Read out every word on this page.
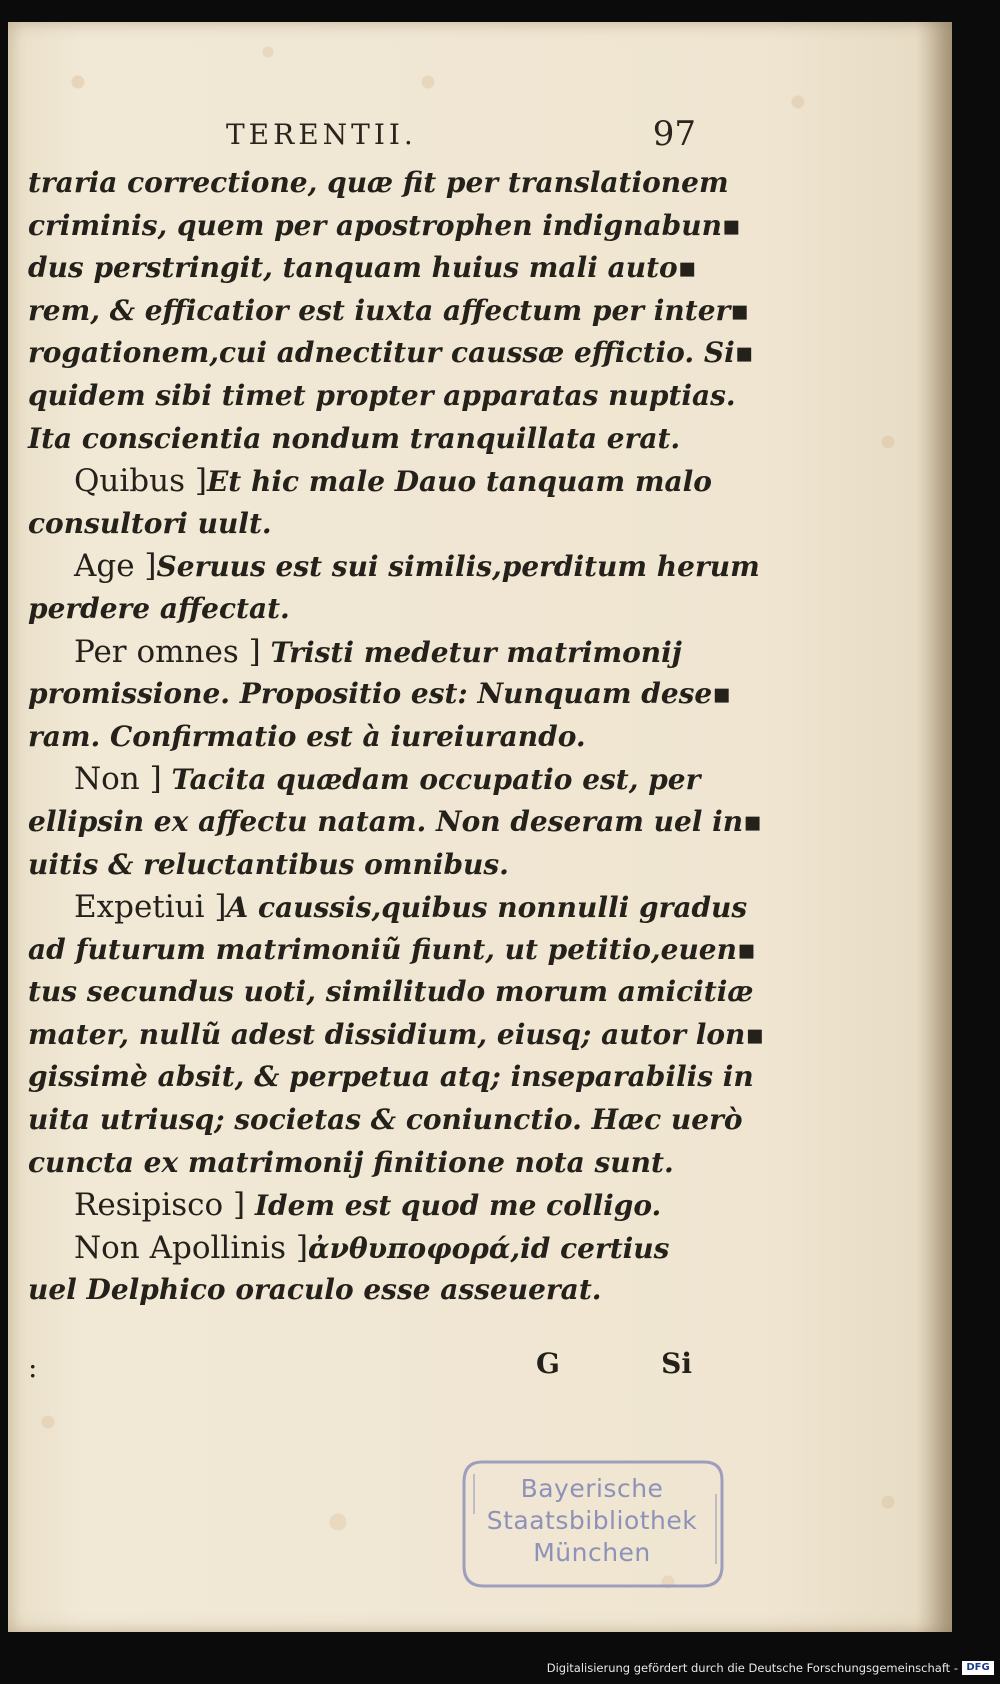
TERENTII.	97
traria correctione, quæ fit per translationem
criminis, quem per apostrophen indignabun▪
dus perstringit, tanquam huius mali auto▪
rem, & efficatior est iuxta affectum per inter▪
rogationem,cui adnectitur caussæ effictio. Si▪
quidem sibi timet propter apparatas nuptias.
Ita conscientia nondum tranquillata erat.
Quibus ]Et hic male Dauo tanquam malo
consultori uult.
Age ]Seruus est sui similis,perditum herum
perdere affectat.
Per omnes ] Tristi medetur matrimonij
promissione. Propositio est: Nunquam dese▪
ram. Confirmatio est à iureiurando.
Non ] Tacita quædam occupatio est, per
ellipsin ex affectu natam. Non deseram uel in▪
uitis & reluctantibus omnibus.
Expetiui ]A caussis,quibus nonnulli gradus
ad futurum matrimoniũ fiunt, ut petitio,euen▪
tus secundus uoti, similitudo morum amicitiæ
mater, nullũ adest dissidium, eiusq; autor lon▪
gissimè absit, & perpetua atq; inseparabilis in
uita utriusq; societas & coniunctio. Hæc uerò
cuncta ex matrimonij finitione nota sunt.
Resipisco ] Idem est quod me colligo.
Non Apollinis ]ἀνθυποφορά,id certius
uel Delphico oraculo esse asseuerat.
:	G	Si
Bayerische
Staatsbibliothek
München
Digitalisierung gefördert durch die Deutsche Forschungsgemeinschaft - DFG
